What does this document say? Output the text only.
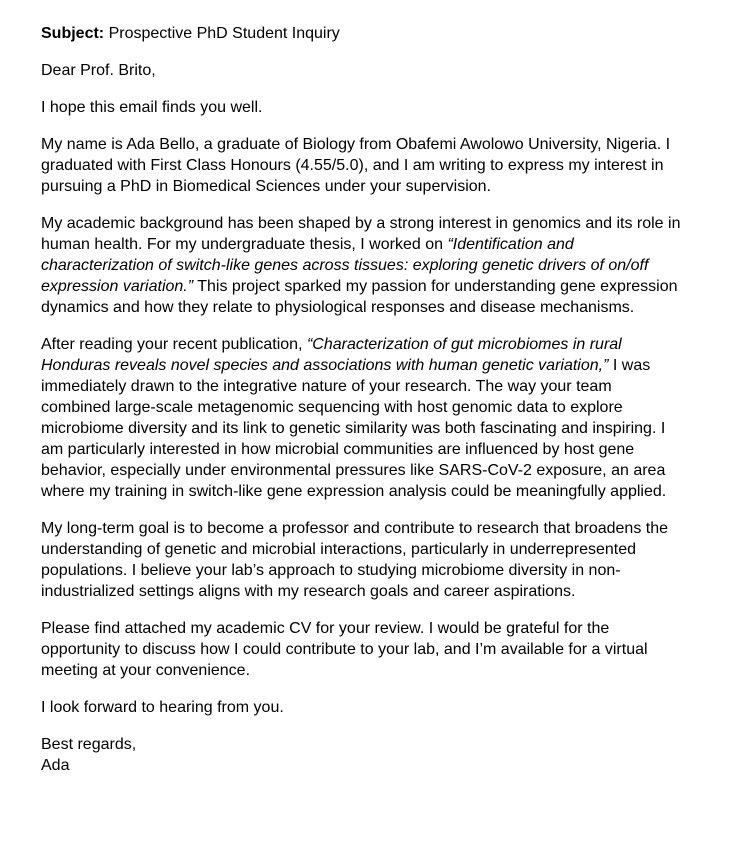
Subject: Prospective PhD Student Inquiry
Dear Prof. Brito,
I hope this email finds you well.
My name is Ada Bello, a graduate of Biology from Obafemi Awolowo University, Nigeria. I graduated with First Class Honours (4.55/5.0), and I am writing to express my interest in pursuing a PhD in Biomedical Sciences under your supervision.
My academic background has been shaped by a strong interest in genomics and its role in human health. For my undergraduate thesis, I worked on “Identification and characterization of switch-like genes across tissues: exploring genetic drivers of on/off expression variation.” This project sparked my passion for understanding gene expression dynamics and how they relate to physiological responses and disease mechanisms.
After reading your recent publication, “Characterization of gut microbiomes in rural Honduras reveals novel species and associations with human genetic variation,” I was immediately drawn to the integrative nature of your research. The way your team combined large-scale metagenomic sequencing with host genomic data to explore microbiome diversity and its link to genetic similarity was both fascinating and inspiring. I am particularly interested in how microbial communities are influenced by host gene behavior, especially under environmental pressures like SARS-CoV-2 exposure, an area where my training in switch-like gene expression analysis could be meaningfully applied.
My long-term goal is to become a professor and contribute to research that broadens the understanding of genetic and microbial interactions, particularly in underrepresented populations. I believe your lab’s approach to studying microbiome diversity in non-industrialized settings aligns with my research goals and career aspirations.
Please find attached my academic CV for your review. I would be grateful for the opportunity to discuss how I could contribute to your lab, and I’m available for a virtual meeting at your convenience.
I look forward to hearing from you.
Best regards,
Ada
